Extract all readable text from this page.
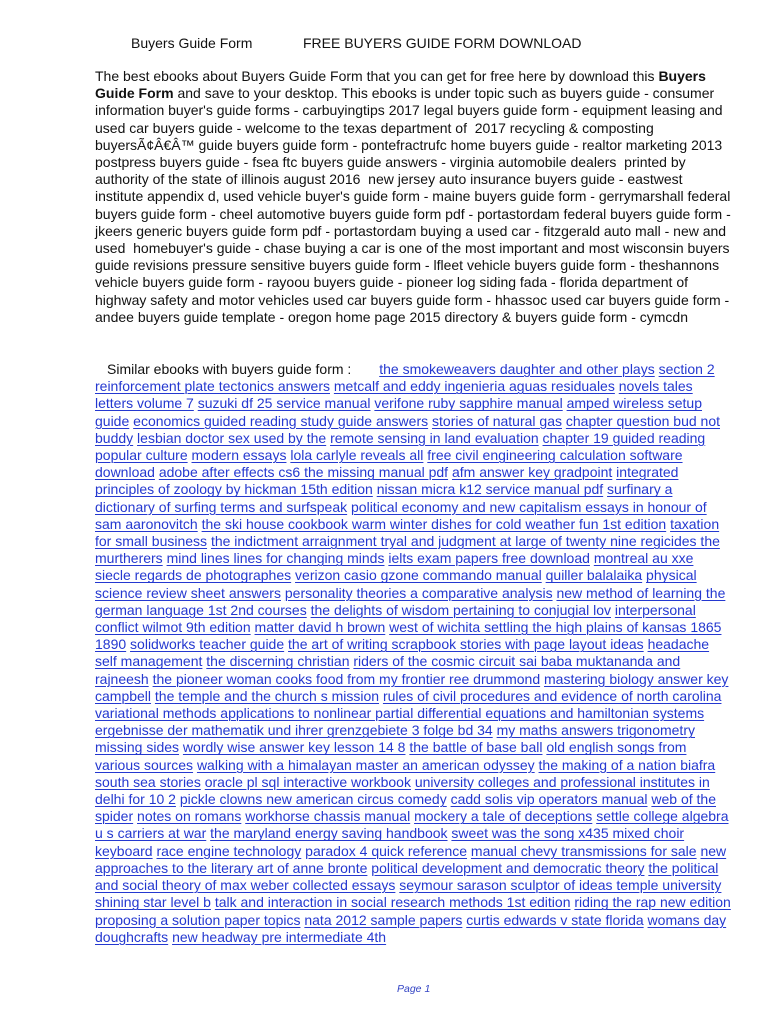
Buyers Guide Form	FREE BUYERS GUIDE FORM DOWNLOAD

The best ebooks about Buyers Guide Form that you can get for free here by download this Buyers Guide Form and save to your desktop. This ebooks is under topic such as buyers guide - consumer information buyer's guide forms - carbuyingtips 2017 legal buyers guide form - equipment leasing and  used car buyers guide - welcome to the texas department of  2017 recycling & composting buyersÃ¢Â€Â™ guide buyers guide form - pontefractrufc home buyers guide - realtor marketing 2013 postpress buyers guide - fsea ftc buyers guide answers - virginia automobile dealers  printed by authority of the state of illinois august 2016  new jersey auto insurance buyers guide - eastwest institute appendix d, used vehicle buyer's guide form - maine buyers guide form - gerrymarshall federal buyers guide form - cheel automotive buyers guide form pdf - portastordam federal buyers guide form - jkeers generic buyers guide form pdf - portastordam buying a used car - fitzgerald auto mall - new and used  homebuyer's guide - chase buying a car is one of the most important and most wisconsin buyers guide revisions pressure sensitive buyers guide form - lfleet vehicle buyers guide form - theshannons vehicle buyers guide form - rayoou buyers guide - pioneer log siding fada - florida department of highway safety and motor vehicles used car buyers guide form - hhassoc used car buyers guide form - andee buyers guide template - oregon home page 2015 directory & buyers guide form - cymcdn

Similar ebooks with buyers guide form : the smokeweavers daughter and other plays section 2 reinforcement plate tectonics answers metcalf and eddy ingenieria aguas residuales novels tales letters volume 7 suzuki df 25 service manual verifone ruby sapphire manual amped wireless setup guide economics guided reading study guide answers stories of natural gas chapter question bud not buddy lesbian doctor sex used by the remote sensing in land evaluation chapter 19 guided reading popular culture modern essays lola carlyle reveals all free civil engineering calculation software download adobe after effects cs6 the missing manual pdf afm answer key gradpoint integrated principles of zoology by hickman 15th edition nissan micra k12 service manual pdf surfinary a dictionary of surfing terms and surfspeak political economy and new capitalism essays in honour of sam aaronovitch the ski house cookbook warm winter dishes for cold weather fun 1st edition taxation for small business the indictment arraignment tryal and judgment at large of twenty nine regicides the murtherers mind lines lines for changing minds ielts exam papers free download montreal au xxe siecle regards de photographes verizon casio gzone commando manual quiller balalaika physical science review sheet answers personality theories a comparative analysis new method of learning the german language 1st 2nd courses the delights of wisdom pertaining to conjugial lov interpersonal conflict wilmot 9th edition matter david h brown west of wichita settling the high plains of kansas 1865 1890 solidworks teacher guide the art of writing scrapbook stories with page layout ideas headache self management the discerning christian riders of the cosmic circuit sai baba muktananda and rajneesh the pioneer woman cooks food from my frontier ree drummond mastering biology answer key campbell the temple and the church s mission rules of civil procedures and evidence of north carolina variational methods applications to nonlinear partial differential equations and hamiltonian systems ergebnisse der mathematik und ihrer grenzgebiete 3 folge bd 34 my maths answers trigonometry missing sides wordly wise answer key lesson 14 8 the battle of base ball old english songs from various sources walking with a himalayan master an american odyssey the making of a nation biafra south sea stories oracle pl sql interactive workbook university colleges and professional institutes in delhi for 10 2 pickle clowns new american circus comedy cadd solis vip operators manual web of the spider notes on romans workhorse chassis manual mockery a tale of deceptions settle college algebra u s carriers at war the maryland energy saving handbook sweet was the song x435 mixed choir keyboard race engine technology paradox 4 quick reference manual chevy transmissions for sale new approaches to the literary art of anne bronte political development and democratic theory the political and social theory of max weber collected essays seymour sarason sculptor of ideas temple university shining star level b talk and interaction in social research methods 1st edition riding the rap new edition proposing a solution paper topics nata 2012 sample papers curtis edwards v state florida womans day doughcrafts new headway pre intermediate 4th

Page 1
